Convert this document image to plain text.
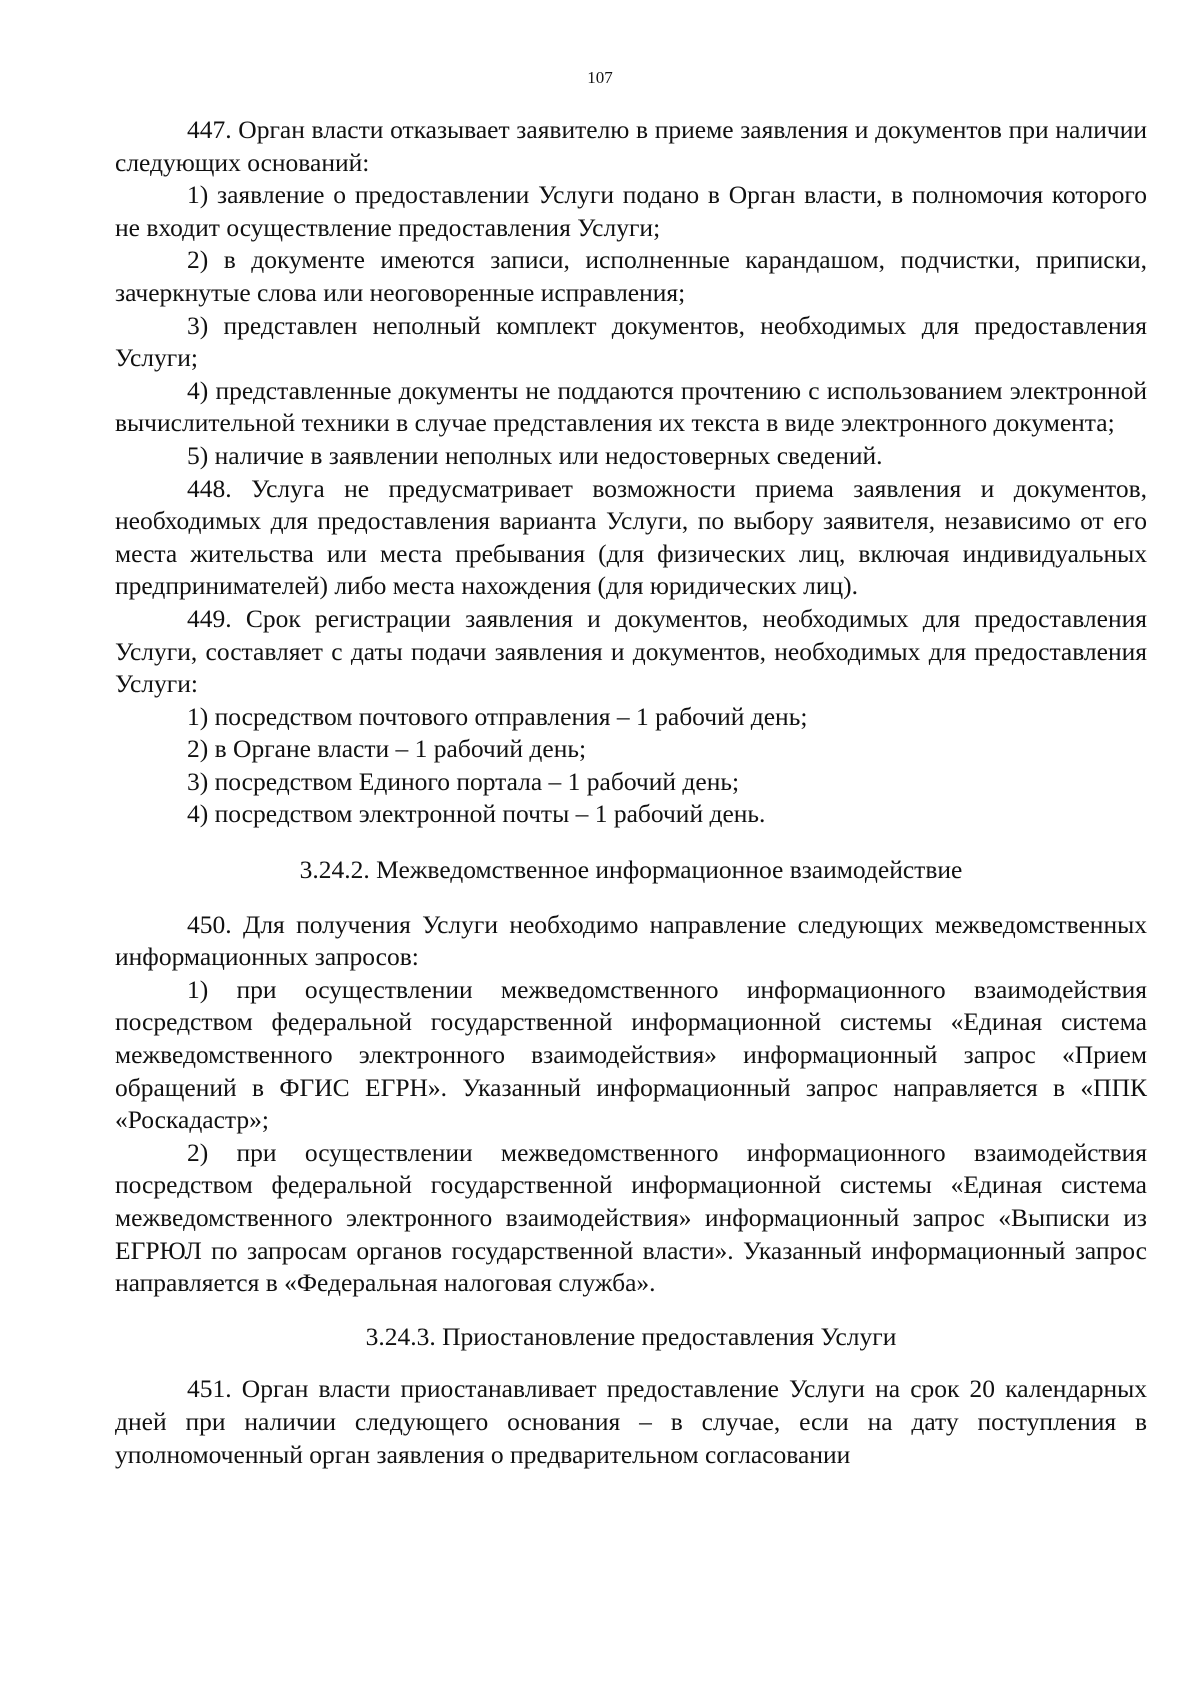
107

447. Орган власти отказывает заявителю в приеме заявления и документов при наличии следующих оснований:

1) заявление о предоставлении Услуги подано в Орган власти, в полномочия которого не входит осуществление предоставления Услуги;

2) в документе имеются записи, исполненные карандашом, подчистки, приписки, зачеркнутые слова или неоговоренные исправления;

3) представлен неполный комплект документов, необходимых для предоставления Услуги;

4) представленные документы не поддаются прочтению с использованием электронной вычислительной техники в случае представления их текста в виде электронного документа;

5) наличие в заявлении неполных или недостоверных сведений.

448. Услуга не предусматривает возможности приема заявления и документов, необходимых для предоставления варианта Услуги, по выбору заявителя, независимо от его места жительства или места пребывания (для физических лиц, включая индивидуальных предпринимателей) либо места нахождения (для юридических лиц).

449. Срок регистрации заявления и документов, необходимых для предоставления Услуги, составляет с даты подачи заявления и документов, необходимых для предоставления Услуги:

1) посредством почтового отправления – 1 рабочий день;

2) в Органе власти – 1 рабочий день;

3) посредством Единого портала – 1 рабочий день;

4) посредством электронной почты – 1 рабочий день.

3.24.2. Межведомственное информационное взаимодействие

450. Для получения Услуги необходимо направление следующих межведомственных информационных запросов:

1) при осуществлении межведомственного информационного взаимодействия посредством федеральной государственной информационной системы «Единая система межведомственного электронного взаимодействия» информационный запрос «Прием обращений в ФГИС ЕГРН». Указанный информационный запрос направляется в «ППК «Роскадастр»;

2) при осуществлении межведомственного информационного взаимодействия посредством федеральной государственной информационной системы «Единая система межведомственного электронного взаимодействия» информационный запрос «Выписки из ЕГРЮЛ по запросам органов государственной власти». Указанный информационный запрос направляется в «Федеральная налоговая служба».

3.24.3. Приостановление предоставления Услуги

451. Орган власти приостанавливает предоставление Услуги на срок 20 календарных дней при наличии следующего основания – в случае, если на дату поступления в уполномоченный орган заявления о предварительном согласовании
